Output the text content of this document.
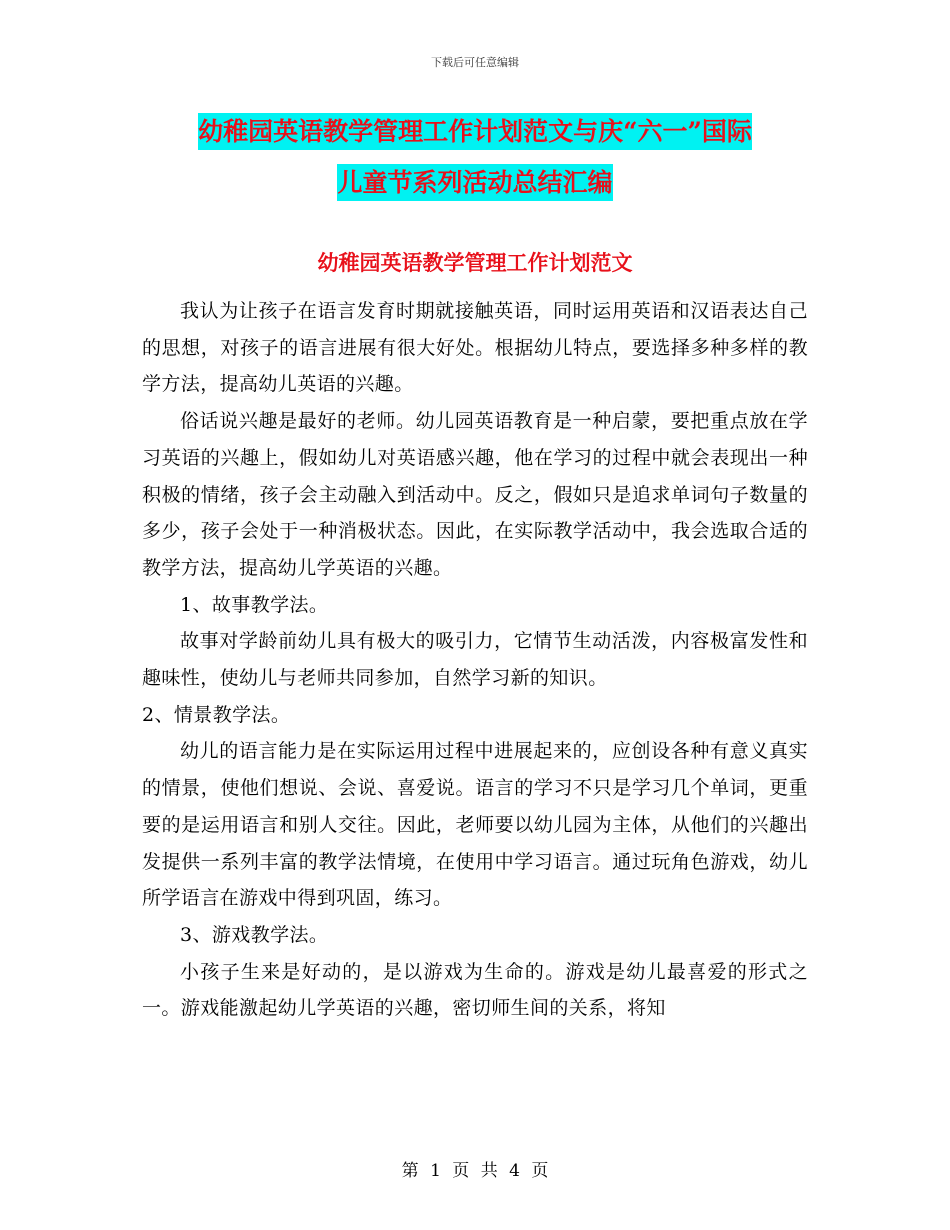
下载后可任意编辑
幼稚园英语教学管理工作计划范文与庆“六一”国际
儿童节系列活动总结汇编
幼稚园英语教学管理工作计划范文

我认为让孩子在语言发育时期就接触英语，同时运用英语和汉语表达自己的思想，对孩子的语言进展有很大好处。根据幼儿特点，要选择多种多样的教学方法，提高幼儿英语的兴趣。

俗话说兴趣是最好的老师。幼儿园英语教育是一种启蒙，要把重点放在学习英语的兴趣上，假如幼儿对英语感兴趣，他在学习的过程中就会表现出一种积极的情绪，孩子会主动融入到活动中。反之，假如只是追求单词句子数量的多少，孩子会处于一种消极状态。因此，在实际教学活动中，我会选取合适的教学方法，提高幼儿学英语的兴趣。

1、故事教学法。

故事对学龄前幼儿具有极大的吸引力，它情节生动活泼，内容极富发性和趣味性，使幼儿与老师共同参加，自然学习新的知识。

2、情景教学法。

幼儿的语言能力是在实际运用过程中进展起来的，应创设各种有意义真实的情景，使他们想说、会说、喜爱说。语言的学习不只是学习几个单词，更重要的是运用语言和别人交往。因此，老师要以幼儿园为主体，从他们的兴趣出发提供一系列丰富的教学法情境，在使用中学习语言。通过玩角色游戏，幼儿所学语言在游戏中得到巩固，练习。

3、游戏教学法。

小孩子生来是好动的，是以游戏为生命的。游戏是幼儿最喜爱的形式之一。游戏能激起幼儿学英语的兴趣，密切师生间的关系，将知

第 1 页 共 4 页
